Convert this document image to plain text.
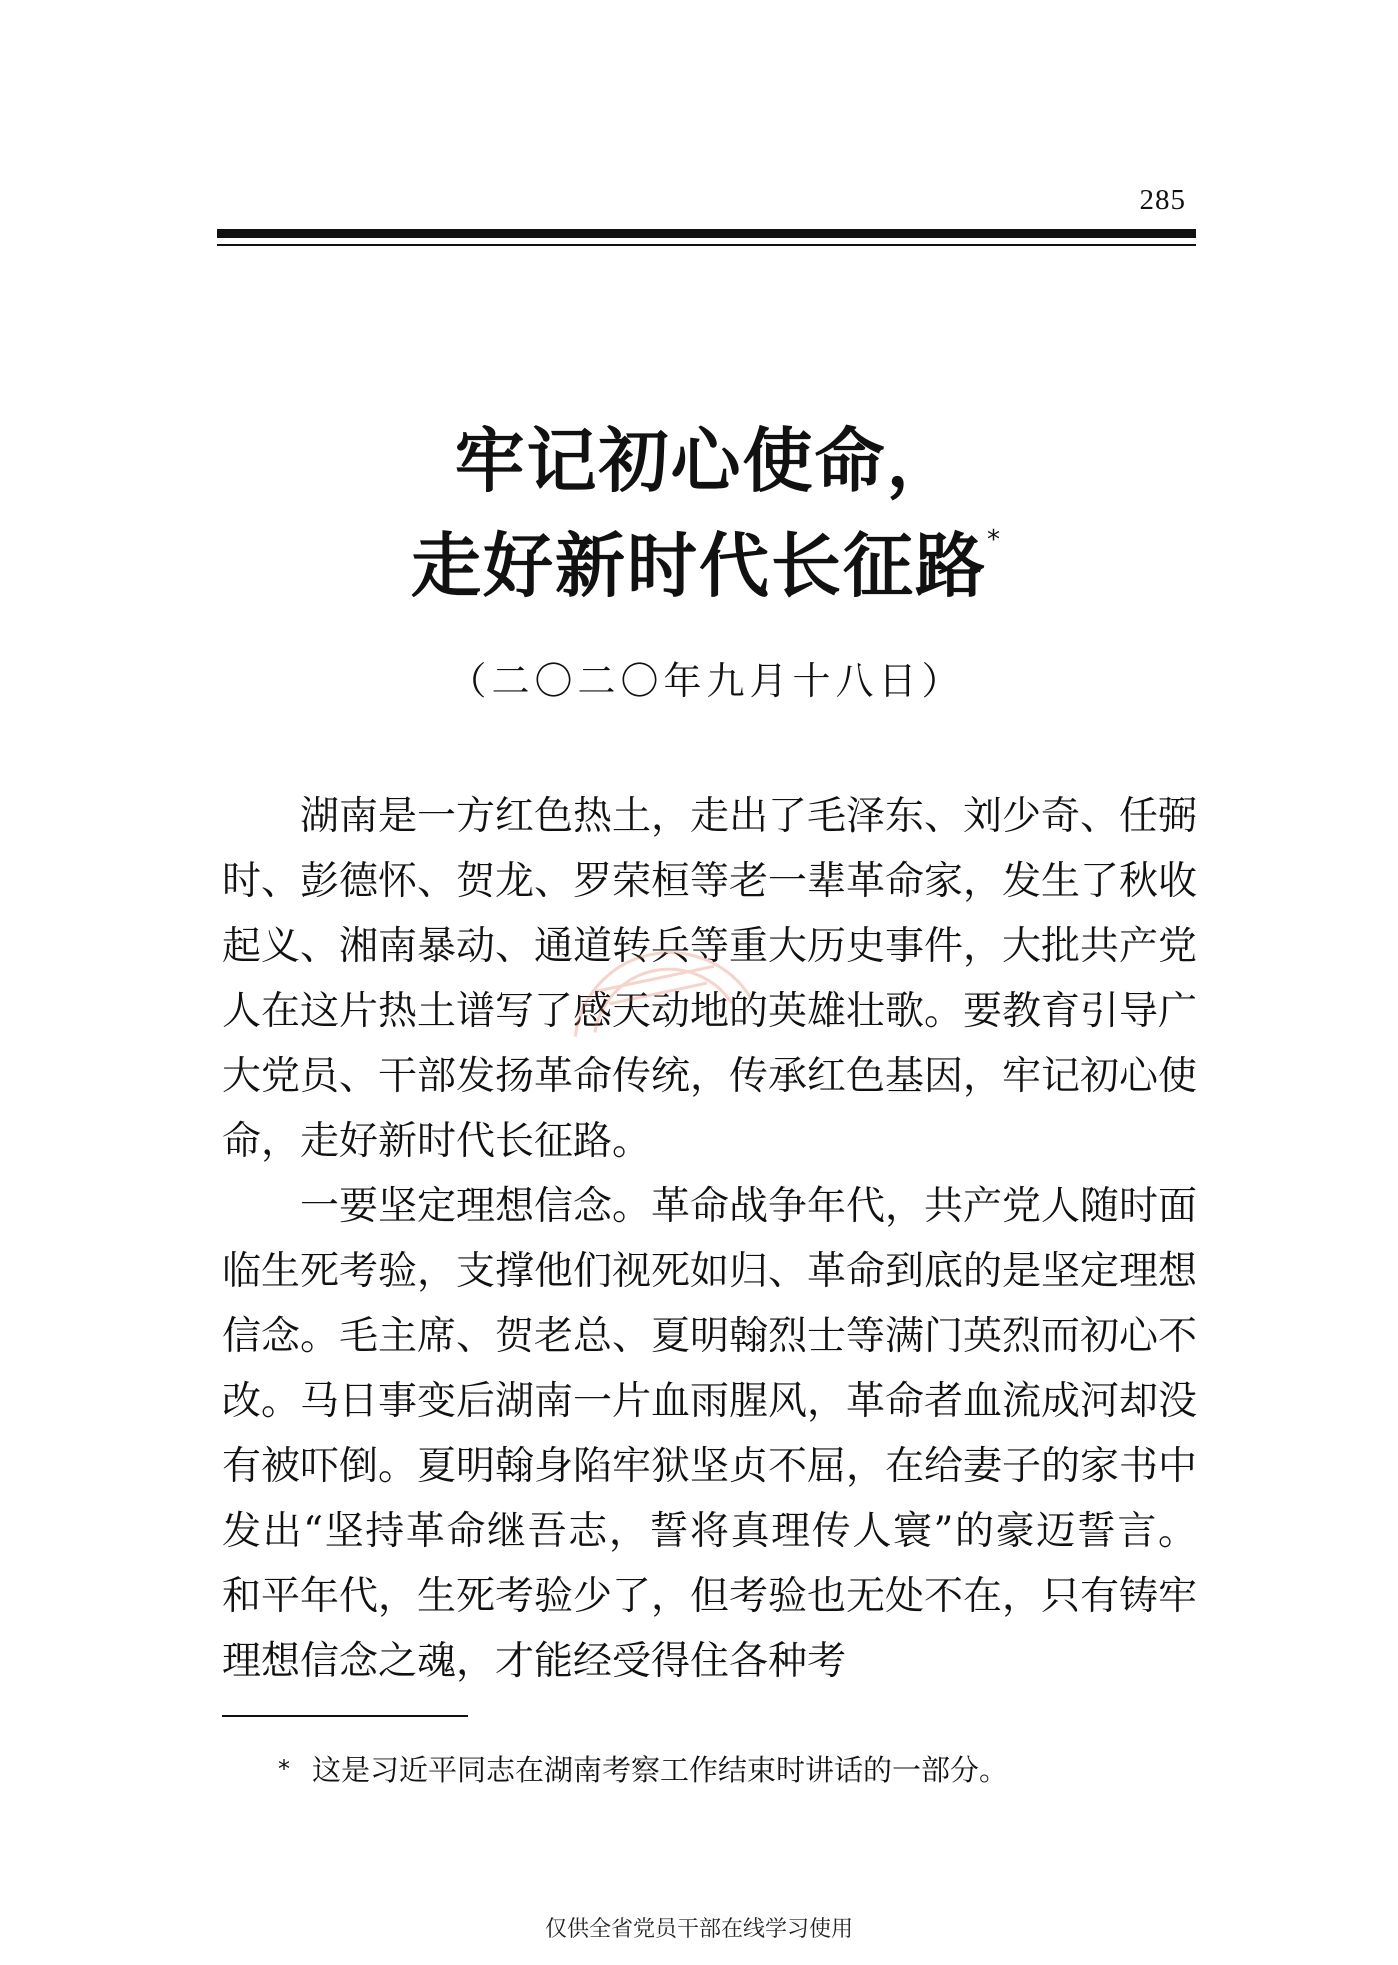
285
牢记初心使命，
走好新时代长征路*
（二〇二〇年九月十八日）

湖南是一方红色热土，走出了毛泽东、刘少奇、任弼时、彭德怀、贺龙、罗荣桓等老一辈革命家，发生了秋收起义、湘南暴动、通道转兵等重大历史事件，大批共产党人在这片热土谱写了感天动地的英雄壮歌。要教育引导广大党员、干部发扬革命传统，传承红色基因，牢记初心使命，走好新时代长征路。

一要坚定理想信念。革命战争年代，共产党人随时面临生死考验，支撑他们视死如归、革命到底的是坚定理想信念。毛主席、贺老总、夏明翰烈士等满门英烈而初心不改。马日事变后湖南一片血雨腥风，革命者血流成河却没有被吓倒。夏明翰身陷牢狱坚贞不屈，在给妻子的家书中发出“坚持革命继吾志，誓将真理传人寰”的豪迈誓言。和平年代，生死考验少了，但考验也无处不在，只有铸牢理想信念之魂，才能经受得住各种考

* 这是习近平同志在湖南考察工作结束时讲话的一部分。
仅供全省党员干部在线学习使用
